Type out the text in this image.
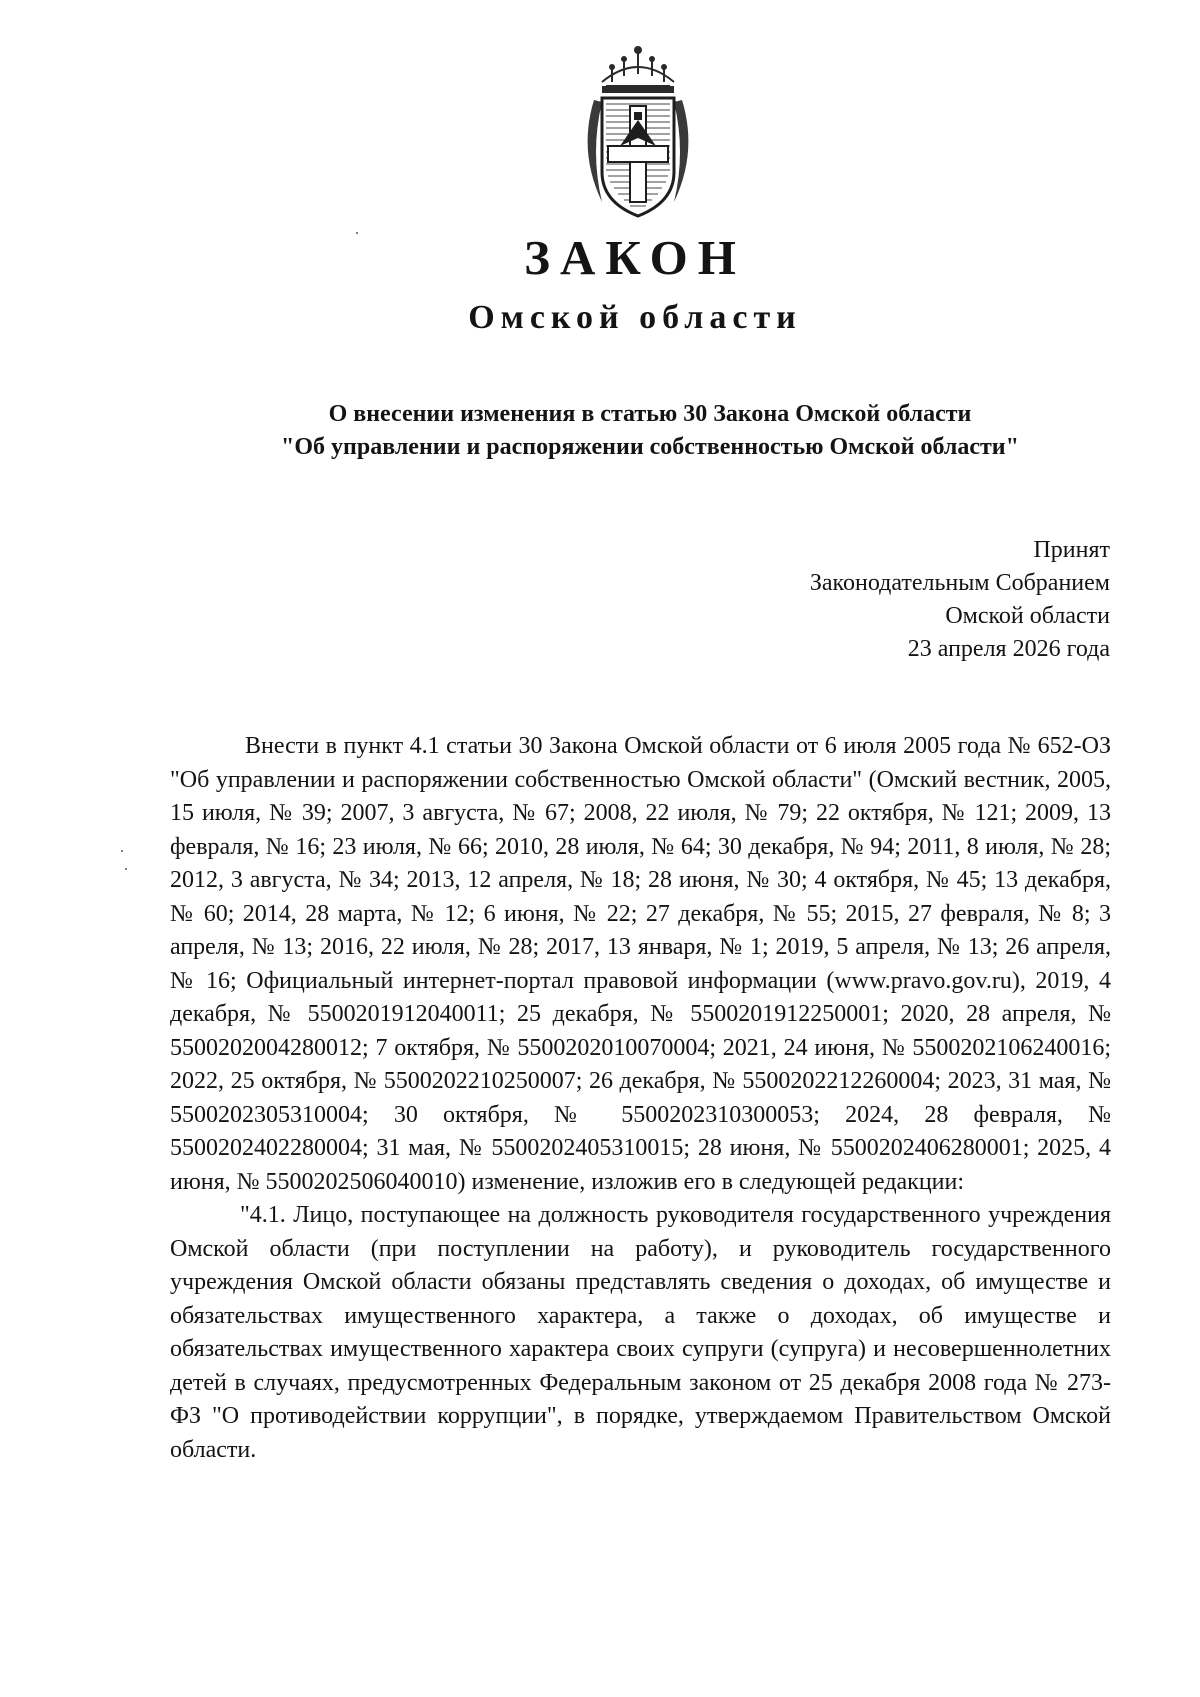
ЗАКОН
Омской области
О внесении изменения в статью 30 Закона Омской области
"Об управлении и распоряжении собственностью Омской области"
Принят
Законодательным Собранием
Омской области
23 апреля 2026 года

Внести в пункт 4.1 статьи 30 Закона Омской области от 6 июля 2005 года № 652-ОЗ "Об управлении и распоряжении собственностью Омской области" (Омский вестник, 2005, 15 июля, № 39; 2007, 3 августа, № 67; 2008, 22 июля, № 79; 22 октября, № 121; 2009, 13 февраля, № 16; 23 июля, № 66; 2010, 28 июля, № 64; 30 декабря, № 94; 2011, 8 июля, № 28; 2012, 3 августа, № 34; 2013, 12 апреля, № 18; 28 июня, № 30; 4 октября, № 45; 13 декабря, № 60; 2014, 28 марта, № 12; 6 июня, № 22; 27 декабря, № 55; 2015, 27 февраля, № 8; 3 апреля, № 13; 2016, 22 июля, № 28; 2017, 13 января, № 1; 2019, 5 апреля, № 13; 26 апреля, № 16; Официальный интернет-портал правовой информации (www.pravo.gov.ru), 2019, 4 декабря, № 5500201912040011; 25 декабря, № 5500201912250001; 2020, 28 апреля, № 5500202004280012; 7 октября, № 5500202010070004; 2021, 24 июня, № 5500202106240016; 2022, 25 октября, № 5500202210250007; 26 декабря, № 5500202212260004; 2023, 31 мая, № 5500202305310004; 30 октября, № 5500202310300053; 2024, 28 февраля, № 5500202402280004; 31 мая, № 5500202405310015; 28 июня, № 5500202406280001; 2025, 4 июня, № 5500202506040010) изменение, изложив его в следующей редакции:

"4.1. Лицо, поступающее на должность руководителя государственного учреждения Омской области (при поступлении на работу), и руководитель государственного учреждения Омской области обязаны представлять сведения о доходах, об имуществе и обязательствах имущественного характера, а также о доходах, об имуществе и обязательствах имущественного характера своих супруги (супруга) и несовершеннолетних детей в случаях, предусмотренных Федеральным законом от 25 декабря 2008 года № 273-ФЗ "О противодействии коррупции", в порядке, утверждаемом Правительством Омской области.
